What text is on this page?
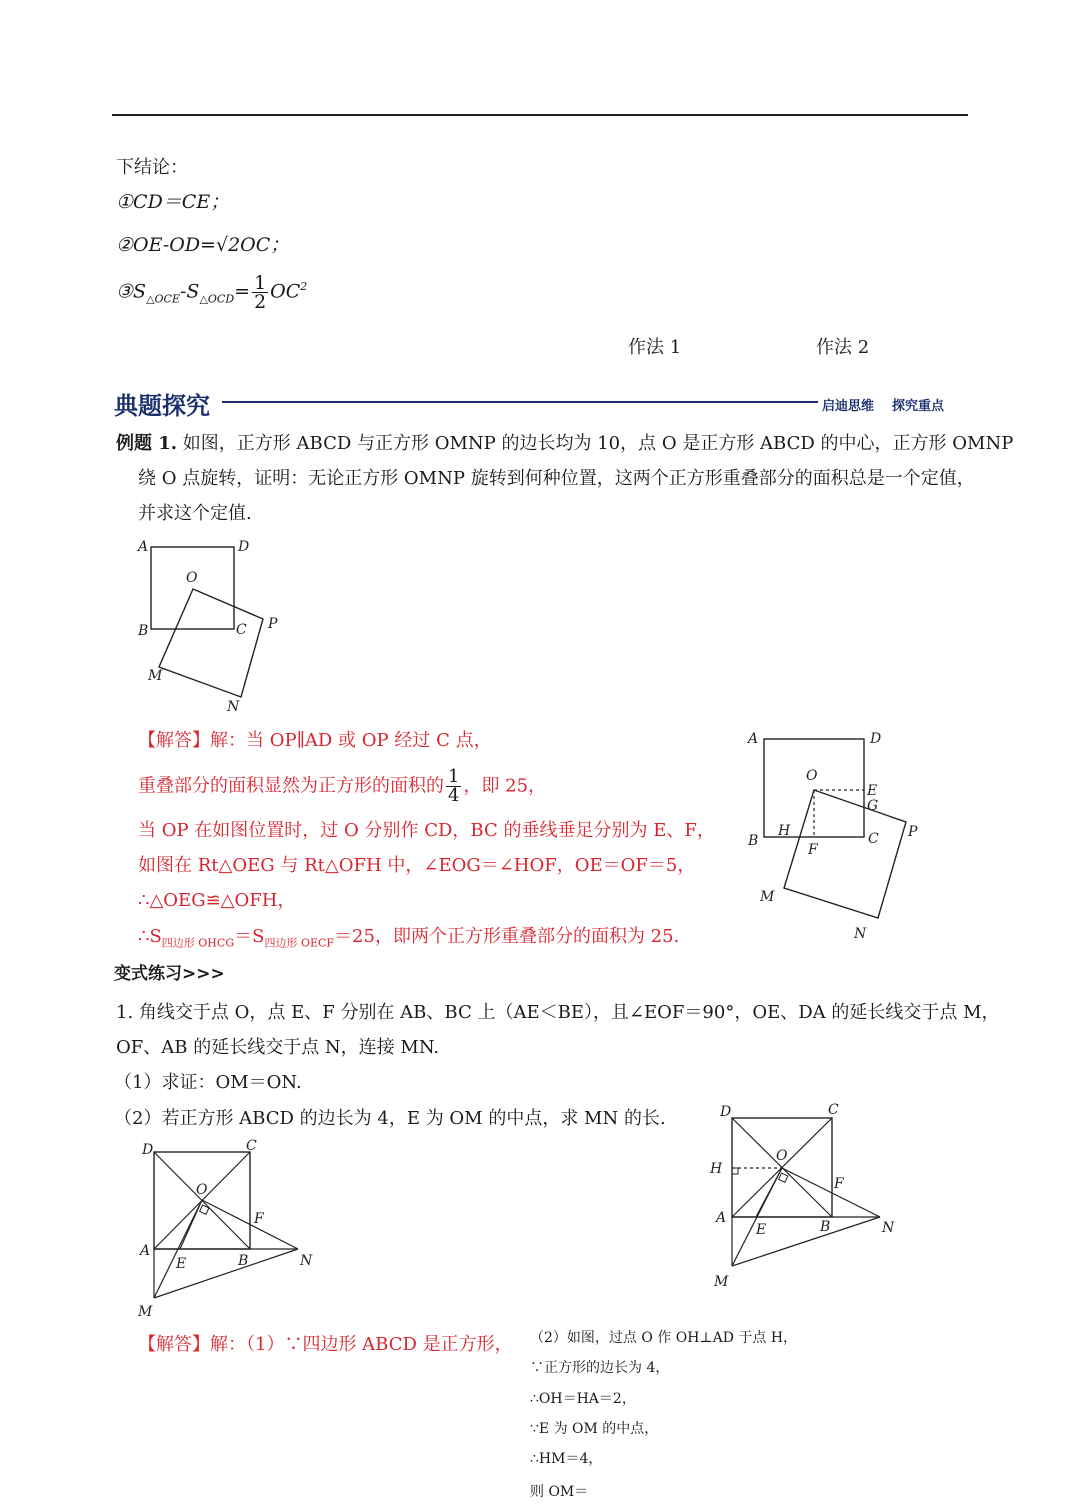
下结论：
①CD＝CE；
②OE-OD=√2OC；
$③S_{\triangle OCE}-S_{\triangle OCD}= \frac{1}{2} OC^2$
作法 1	作法 2
典题探究	启迪思维 探究重点
例题 1. 如图，正方形 ABCD 与正方形 OMNP 的边长均为 10，点 O 是正方形 ABCD 的中心，正方形 OMNP
绕 O 点旋转，证明：无论正方形 OMNP 旋转到何种位置，这两个正方形重叠部分的面积总是一个定值，
并求这个定值.
A	D
O
B	C P
M
N
【解答】解：当 OP∥AD 或 OP 经过 C 点，
重叠部分的面积显然为正方形的面积的 $\frac{1}{4}$ ，即 25，
当 OP 在如图位置时，过 O 分别作 CD，BC 的垂线垂足分别为 E、F，
如图在 Rt△OEG 与 Rt△OFH 中，∠EOG＝∠HOF，OE＝OF＝5，
∴△OEG≌△OFH，
$\therefore S_{四边形 OHCG}=S_{四边形 OECF}=25$，即两个正方形重叠部分的面积为 25.
A	D
O
E
G
B
H	C P
F
M
N
变式练习>>>
1. 角线交于点 O，点 E、F 分别在 AB、BC 上（AE＜BE），且∠EOF＝90°，OE、DA 的延长线交于点 M，
OF、AB 的延长线交于点 N，连接 MN.
（1）求证：OM＝ON.
（2）若正方形 ABCD 的边长为 4，E 为 OM 的中点，求 MN 的长.
D	C
O
F
A
E	B	N
M
D	C
O
H
F
A
E	B	N
M
【解答】解：（1）∵四边形 ABCD 是正方形， （2）如图，过点 O 作 OH⊥AD 于点 H，
∵正方形的边长为 4，
∴OH＝HA＝2，
∵E 为 OM 的中点，
∴HM＝4，
则 OM＝
